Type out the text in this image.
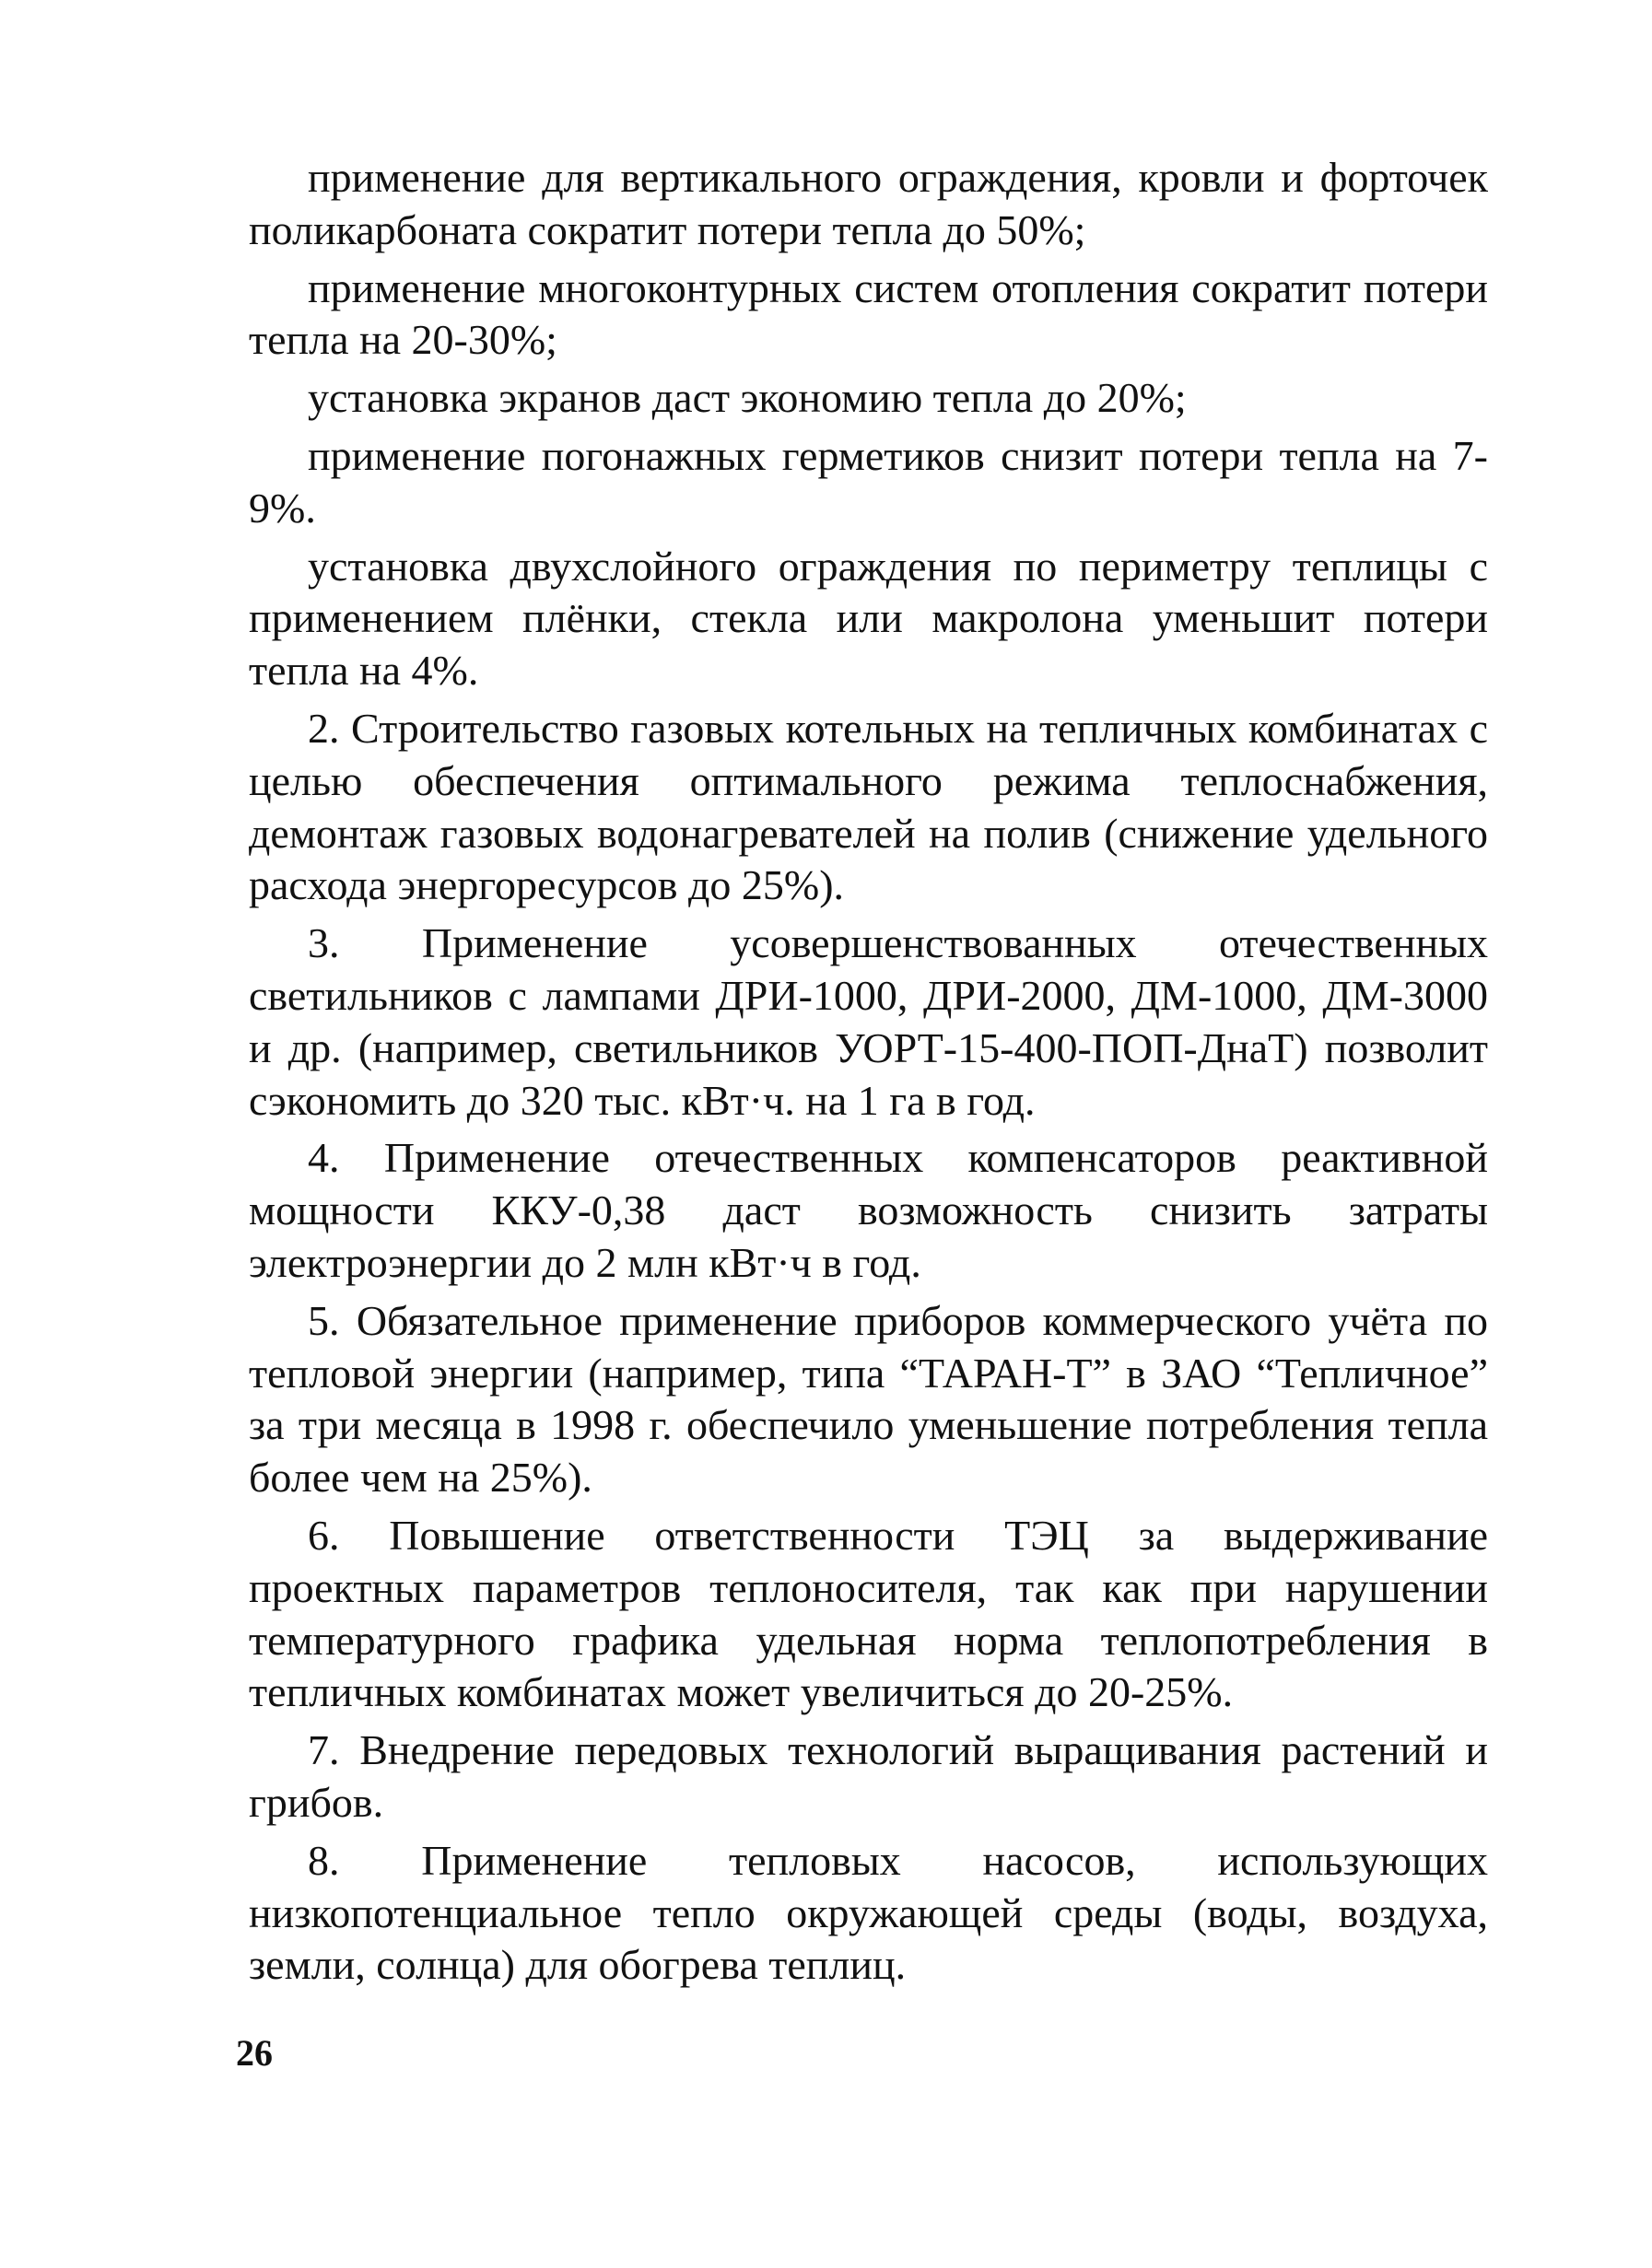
применение для вертикального ограждения, кровли и форточек поликарбоната сократит потери тепла до 50%;

применение многоконтурных систем отопления сократит потери тепла на 20-30%;

установка экранов даст экономию тепла до 20%;

применение погонажных герметиков снизит потери тепла на 7-9%.

установка двухслойного ограждения по периметру теплицы с применением плёнки, стекла или макролона уменьшит потери тепла на 4%.

2. Строительство газовых котельных на тепличных комбинатах с целью обеспечения оптимального режима теплоснабжения, демонтаж газовых водонагревателей на полив (снижение удельного расхода энергоресурсов до 25%).

3. Применение усовершенствованных отечественных светильников с лампами ДРИ-1000, ДРИ-2000, ДМ-1000, ДМ-3000 и др. (например, светильников УОРТ-15-400-ПОП-ДнаТ) позволит сэкономить до 320 тыс. кВт·ч. на 1 га в год.

4. Применение отечественных компенсаторов реактивной мощности ККУ-0,38 даст возможность снизить затраты электроэнергии до 2 млн кВт·ч в год.

5. Обязательное применение приборов коммерческого учёта по тепловой энергии (например, типа “ТАРАН-Т” в ЗАО “Тепличное” за три месяца в 1998 г. обеспечило уменьшение потребления тепла более чем на 25%).

6. Повышение ответственности ТЭЦ за выдерживание проектных параметров теплоносителя, так как при нарушении температурного графика удельная норма теплопотребления в тепличных комбинатах может увеличиться до 20-25%.

7. Внедрение передовых технологий выращивания растений и грибов.

8. Применение тепловых насосов, использующих низкопотенциальное тепло окружающей среды (воды, воздуха, земли, солнца) для обогрева теплиц.

26
